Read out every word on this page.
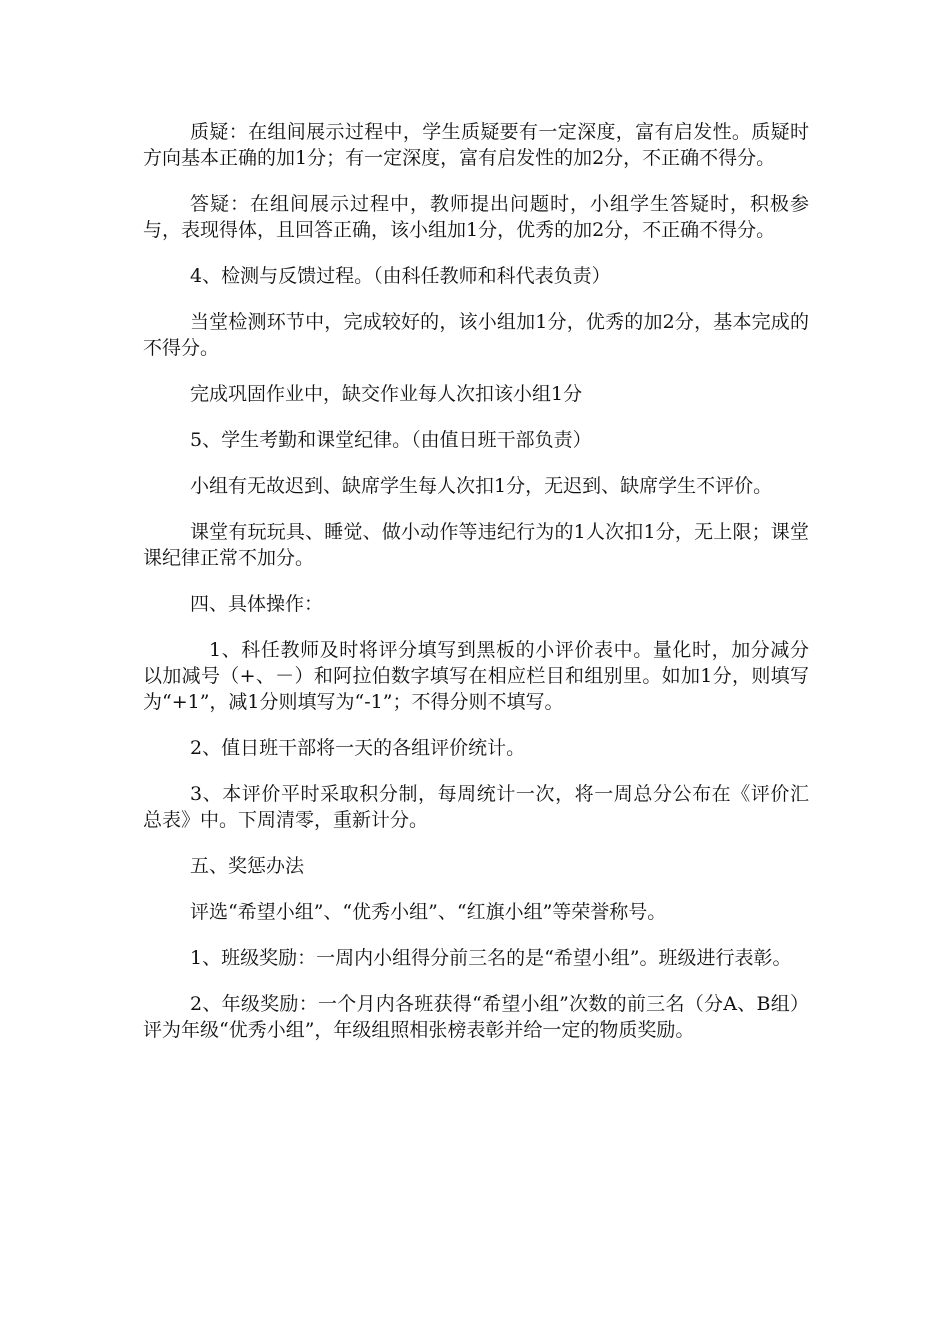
质疑：在组间展示过程中，学生质疑要有一定深度，富有启发性。质疑时方向基本正确的加1分；有一定深度，富有启发性的加2分，不正确不得分。

答疑：在组间展示过程中，教师提出问题时，小组学生答疑时，积极参与，表现得体，且回答正确，该小组加1分，优秀的加2分，不正确不得分。

4、检测与反馈过程。（由科任教师和科代表负责）

当堂检测环节中，完成较好的，该小组加1分，优秀的加2分，基本完成的不得分。

完成巩固作业中，缺交作业每人次扣该小组1分

5、学生考勤和课堂纪律。（由值日班干部负责）

小组有无故迟到、缺席学生每人次扣1分，无迟到、缺席学生不评价。

课堂有玩玩具、睡觉、做小动作等违纪行为的1人次扣1分，无上限；课堂课纪律正常不加分。

四、具体操作：

1、科任教师及时将评分填写到黑板的小评价表中。量化时，加分减分以加减号（+、－）和阿拉伯数字填写在相应栏目和组别里。如加1分，则填写为“+1”，减1分则填写为“-1”；不得分则不填写。

2、值日班干部将一天的各组评价统计。

3、本评价平时采取积分制，每周统计一次，将一周总分公布在《评价汇总表》中。下周清零，重新计分。

五、奖惩办法

评选“希望小组”、“优秀小组”、“红旗小组”等荣誉称号。

1、班级奖励：一周内小组得分前三名的是“希望小组”。班级进行表彰。

2、年级奖励：一个月内各班获得“希望小组”次数的前三名（分A、B组）评为年级“优秀小组”，年级组照相张榜表彰并给一定的物质奖励。
